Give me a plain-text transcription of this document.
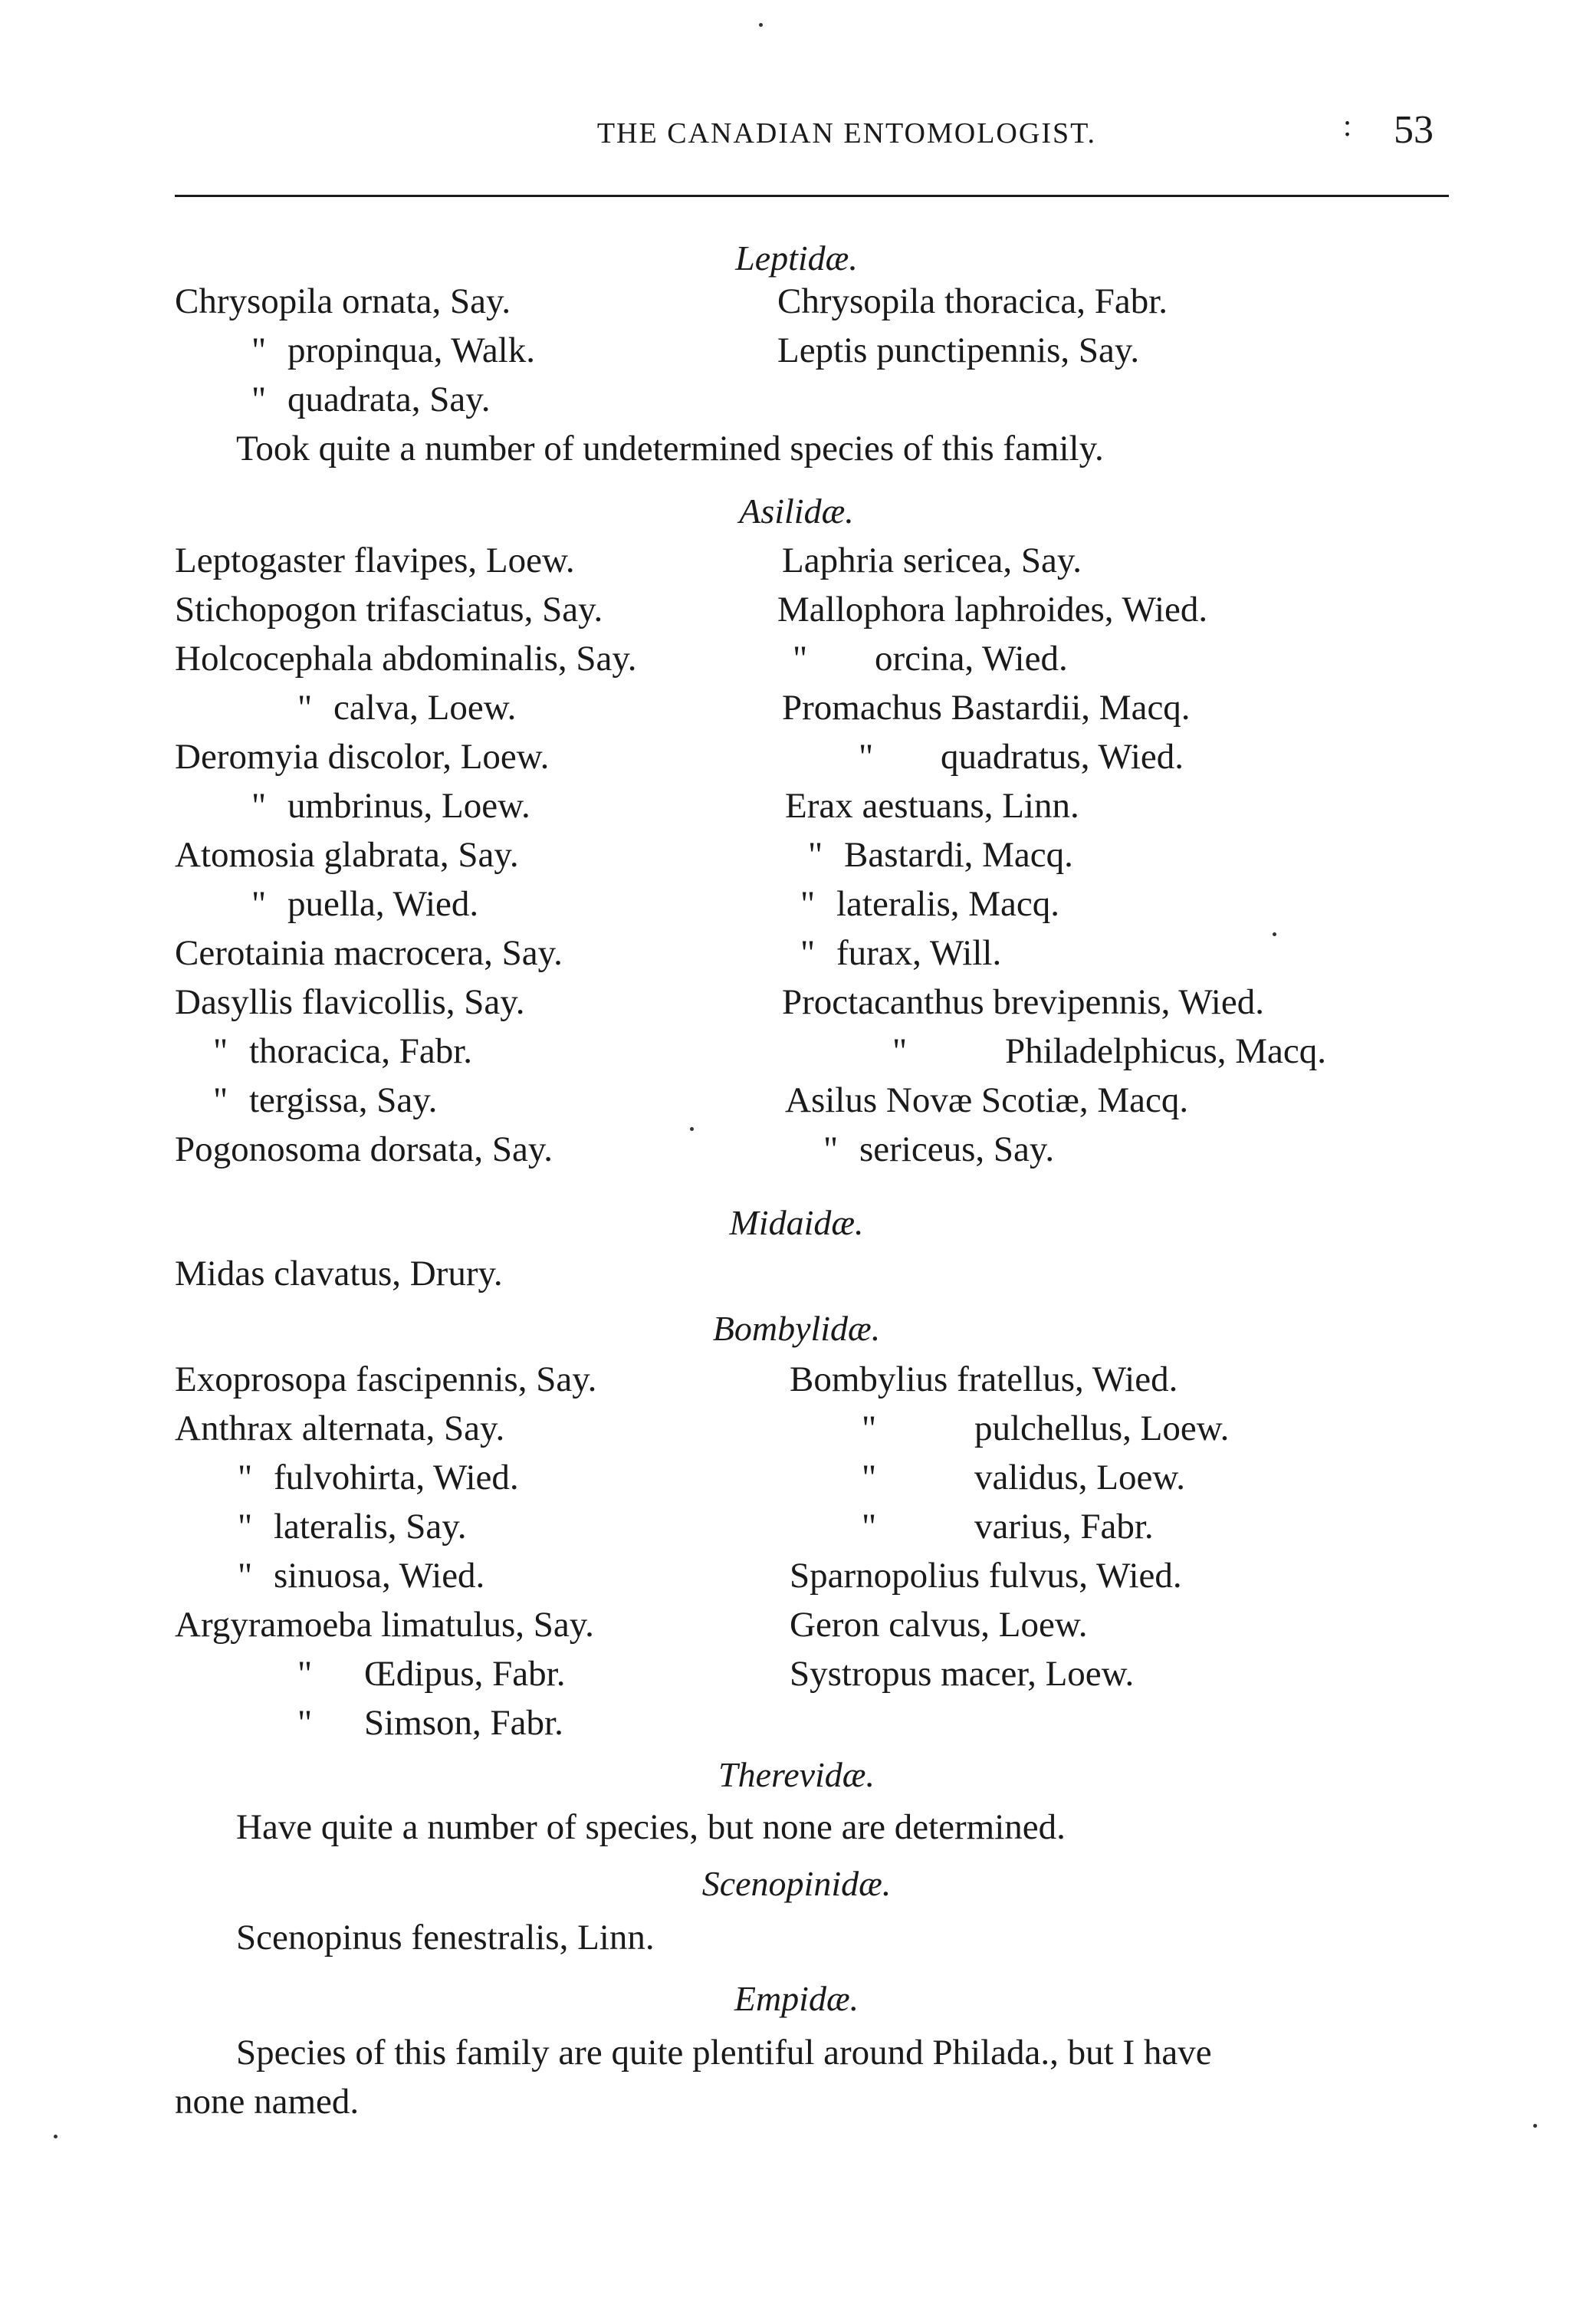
THE CANADIAN ENTOMOLOGIST.	: 53
Leptidæ.
Chrysopila ornata, Say.	Chrysopila thoracica, Fabr.
" propinqua, Walk.	Leptis punctipennis, Say.
" quadrata, Say.
Took quite a number of undetermined species of this family.
Asilidæ.
Leptogaster flavipes, Loew.
Stichopogon trifasciatus, Say.
Holcocephala abdominalis, Say.
" calva, Loew.
Deromyia discolor, Loew.
" umbrinus, Loew.
Atomosia glabrata, Say.
" puella, Wied.
Cerotainia macrocera, Say.
Dasyllis flavicollis, Say.
" thoracica, Fabr.
" tergissa, Say.
Pogonosoma dorsata, Say.
Laphria sericea, Say.
Mallophora laphroides, Wied.
" orcina, Wied.
Promachus Bastardii, Macq.
" quadratus, Wied.
Erax aestuans, Linn.
" Bastardi, Macq.
" lateralis, Macq.
" furax, Will.
Proctacanthus brevipennis, Wied.
"	Philadelphicus, Macq.
Asilus Novæ Scotiæ, Macq.
" sericeus, Say.
Midaidæ.
Midas clavatus, Drury.
Bombylidæ.
Exoprosopa fascipennis, Say.
Anthrax alternata, Say.
" fulvohirta, Wied.
" lateralis, Say.
" sinuosa, Wied.
Argyramoeba limatulus, Say.
" Œdipus, Fabr.
" Simson, Fabr.
Bombylius fratellus, Wied.
"	pulchellus, Loew.
"	validus, Loew.
"	varius, Fabr.
Sparnopolius fulvus, Wied.
Geron calvus, Loew.
Systropus macer, Loew.
Therevidæ.
Have quite a number of species, but none are determined.
Scenopinidæ.
Scenopinus fenestralis, Linn.
Empidæ.
Species of this family are quite plentiful around Philada., but I have
none named.
